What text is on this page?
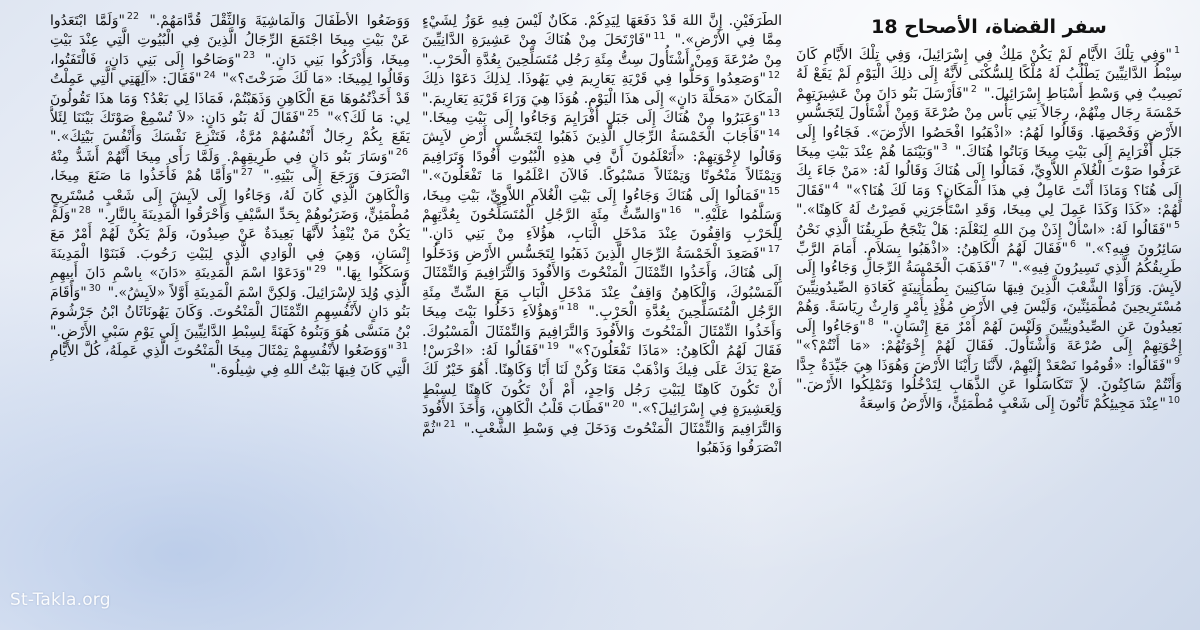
سفر القضاة، الأصحاح 18
$^1$"وَفِي تِلْكَ الأَيَّامِ لَمْ يَكُنْ مَلِكٌ فِي إِسْرَائِيلَ، وَفِي تِلْكَ الأَيَّامِ كَانَ سِبْطُ الدَّانِيِّينَ يَطْلُبُ لَهُ مُلْكًا لِلسُّكْنَى لأَنَّهُ إِلَى ذلِكَ الْيَوْمِ لَمْ يَقَعْ لَهُ نَصِيبٌ فِي وَسْطِ أَسْبَاطِ إِسْرَائِيلَ." $^2$"فَأَرْسَلَ بَنُو دَانَ مِنْ عَشِيرَتِهِمْ خَمْسَةَ رِجَال مِنْهُمْ، رِجَالاً بَنِي بَأْس مِنْ صُرْعَةَ وَمِنْ أَشْتَأُولَ لِتَجَسُّسِ الأَرْضِ وَفَحْصِهَا. وَقَالُوا لَهُمُ: «اذْهَبُوا افْحَصُوا الأَرْضَ». فَجَاءُوا إِلَى جَبَلِ أَفْرَايِمَ إِلَى بَيْتِ مِيخَا وَبَاتُوا هُنَاكَ." $^3$"وَبَيْنَمَا هُمْ عِنْدَ بَيْتِ مِيخَا عَرَفُوا صَوْتَ الْغُلاَمِ اللاَّوِيِّ، فَمَالُوا إِلَى هُنَاكَ وَقَالُوا لَهُ: «مَنْ جَاءَ بِكَ إِلَى هُنَا؟ وَمَاذَا أَنْتَ عَامِلٌ فِي هذَا الْمَكَانِ؟ وَمَا لَكَ هُنَا؟»" $^4$"فَقَالَ لَهُمْ: «كَذَا وَكَذَا عَمِلَ لِي مِيخَا، وَقَدِ اسْتَأْجَرَنِي فَصِرْتُ لَهُ كَاهِنًا»." $^5$"فَقَالُوا لَهُ: «اسْأَلْ إِذَنْ مِنَ اللهِ لِنَعْلَمَ: هَلْ يَنْجَحُ طَرِيقُنَا الَّذِي نَحْنُ سَائِرُونَ فِيهِ؟»." $^6$"فَقَالَ لَهُمُ الْكَاهِنُ: «اذْهَبُوا بِسَلاَمٍ. أَمَامَ الرَّبِّ طَرِيقُكُمُ الَّذِي تَسِيرُونَ فِيهِ»." $^7$"فَذَهَبَ الْخَمْسَةُ الرِّجَالِ وَجَاءُوا إِلَى لاَيِشَ. وَرَأَوْا الشَّعْبَ الَّذِينَ فِيهَا سَاكِنِينَ بِطُمَأْنِينَةٍ كَعَادَةِ الصِّيدُونِيِّينَ مُسْتَرِيحِينَ مُطْمَئِنِّينَ، وَلَيْسَ فِي الأَرْضِ مُؤْذٍ بِأَمْرٍ وَارِثٌ رِيَاسَةً. وَهُمْ بَعِيدُونَ عَنِ الصِّيدُونِيِّينَ وَلَيْسَ لَهُمْ أَمْرٌ مَعَ إِنْسَانٍ." $^8$"وَجَاءُوا إِلَى إِخْوَتِهِمْ إِلَى صُرْعَةَ وَأَشْتَأُولَ. فَقَالَ لَهُمْ إِخْوَتُهُمْ: «مَا أَنْتُمْ؟»" $^9$"فَقَالُوا: «قُومُوا نَصْعَدْ إِلَيْهِمْ، لأَنَّنَا رَأَيْنَا الأَرْضَ وَهُوَذَا هِيَ جَيِّدَةٌ جِدًّا وَأَنْتُمْ سَاكِتُونَ. لاَ تَتَكَاسَلُوا عَنِ الذَّهَابِ لِتَدْخُلُوا وَتَمْلِكُوا الأَرْضَ." $^{10}$"عِنْدَ مَجِيئِكُمْ تَأْتُونَ إِلَى شَعْبٍ مُطْمَئِنٍّ، وَالأَرْضُ وَاسِعَةُ
الطَّرَفَيْنِ. إِنَّ اللهَ قَدْ دَفَعَهَا لِيَدِكُمْ. مَكَانٌ لَيْسَ فِيهِ عَوَزُ لِشَيْءٍ مِمَّا فِي الأَرْضِ»." $^{11}$"فَارْتَحَلَ مِنْ هُنَاكَ مِنْ عَشِيرَةِ الدَّانِيِّينَ مِنْ صُرْعَةَ وَمِنْ أَشْتَأُولَ سِتُّ مِئَةِ رَجُل مُتَسَلِّحِينَ بِعُدَّةِ الْحَرْبِ." $^{12}$"وَصَعِدُوا وَحَلُّوا فِي قَرْيَةِ يَعَارِيمَ فِي يَهُوذَا. لِذلِكَ دَعَوْا ذلِكَ الْمَكَانَ «مَحَلَّةَ دَانٍ» إِلَى هذَا الْيَوْمِ. هُوَذَا هِيَ وَرَاءَ قَرْيَةِ يَعَارِيمَ." $^{13}$"وَعَبَرُوا مِنْ هُنَاكَ إِلَى جَبَلِ أَفْرَايِمَ وَجَاءُوا إِلَى بَيْتِ مِيخَا." $^{14}$"فَأَجَابَ الْخَمْسَةُ الرِّجَالِ الَّذِينَ ذَهَبُوا لِتَجَسُّسِ أَرْضِ لاَيِشَ وَقَالُوا لإِخْوَتِهِمْ: «أَتَعْلَمُونَ أَنَّ فِي هذِهِ الْبُيُوتِ أَفُودًا وَتَرَافِيمَ وَتِمْثَالاً مَنْحُوتًا وَتِمْثَالاً مَسْبُوكًا. فَالآنَ اعْلَمُوا مَا تَفْعَلُونَ»." $^{15}$"فَمَالُوا إِلَى هُنَاكَ وَجَاءُوا إِلَى بَيْتِ الْغُلاَمِ اللاَّوِيِّ، بَيْتِ مِيخَا، وَسَلَّمُوا عَلَيْهِ." $^{16}$"وَالسِّتُّ مِئَةِ الرَّجُلِ الْمُتَسَلِّحُونَ بِعُدَّتِهِمْ لِلْحَرْبِ وَاقِفُونَ عِنْدَ مَدْخَلِ الْبَابِ، هؤُلاَءِ مِنْ بَنِي دَانٍ." $^{17}$"فَصَعِدَ الْخَمْسَةُ الرِّجَالِ الَّذِينَ ذَهَبُوا لِتَجَسُّسِ الأَرْضِ وَدَخَلُوا إِلَى هُنَاكَ، وَأَخَذُوا التِّمْثَالَ الْمَنْحُوتَ وَالأَفُودَ وَالتَّرَافِيمَ وَالتِّمْثَالَ الْمَسْبُوكَ، وَالْكَاهِنُ وَاقِفٌ عِنْدَ مَدْخَلِ الْبَابِ مَعَ السِّتِّ مِئَةِ الرَّجُلِ الْمُتَسَلِّحِينَ بِعُدَّةِ الْحَرْبِ." $^{18}$"وَهؤُلاَءِ دَخَلُوا بَيْتَ مِيخَا وَأَخَذُوا التِّمْثَالَ الْمَنْحُوتَ وَالأَفُودَ وَالتَّرَافِيمَ وَالتِّمْثَالَ الْمَسْبُوكَ. فَقَالَ لَهُمُ الْكَاهِنُ: «مَاذَا تَفْعَلُونَ؟»" $^{19}$"فَقَالُوا لَهُ: «اخْرَسْ! ضَعْ يَدَكَ عَلَى فِيكَ وَاذْهَبْ مَعَنَا وَكُنْ لَنَا أَبًا وَكَاهِنًا. أَهُوَ خَيْرٌ لَكَ أَنْ تَكُونَ كَاهِنًا لِبَيْتِ رَجُل وَاحِدٍ، أَمْ أَنْ تَكُونَ كَاهِنًا لِسِبْطٍ وَلِعَشِيرَةٍ فِي إِسْرَائِيلَ؟»." $^{20}$"فَطَابَ قَلْبُ الْكَاهِنِ، وَأَخَذَ الأَفُودَ وَالتَّرَافِيمَ وَالتِّمْثَالَ الْمَنْحُوتَ وَدَخَلَ فِي وَسْطِ الشَّعْبِ." $^{21}$"ثُمَّ انْصَرَفُوا وَذَهَبُوا
وَوَضَعُوا الأَطْفَالَ وَالْمَاشِيَةَ وَالثِّقْلَ قُدَّامَهُمْ." $^{22}$"وَلَمَّا ابْتَعَدُوا عَنْ بَيْتِ مِيخَا اجْتَمَعَ الرِّجَالُ الَّذِينَ فِي الْبُيُوتِ الَّتِي عِنْدَ بَيْتِ مِيخَا، وَأَدْرَكُوا بَنِي دَانٍ." $^{23}$"وَصَاحُوا إِلَى بَنِي دَانٍ، فَالْتَفَتُوا، وَقَالُوا لِمِيخَا: «مَا لَكَ صَرَخْتَ؟»" $^{24}$"فَقَالَ: «آلِهَتِي الَّتِي عَمِلْتُ قَدْ أَخَذْتُمُوهَا مَعَ الْكَاهِنِ وَذَهَبْتُمْ، فَمَاذَا لِي بَعْدُ؟ وَمَا هذَا تَقُولُونَ لِي: مَا لَكَ؟»" $^{25}$"فَقَالَ لَهُ بَنُو دَانٍ: «لاَ تُسْمِعْ صَوْتَكَ بَيْنَنَا لِئَلاَّ يَقَعَ بِكُمْ رِجَالٌ أَنْفُسُهُمْ مُرَّةٌ، فَتَنْزِعَ نَفْسَكَ وَأَنْفُسَ بَيْتِكَ»." $^{26}$"وَسَارَ بَنُو دَانٍ فِي طَرِيقِهِمْ. وَلَمَّا رَأَى مِيخَا أَنَّهُمْ أَشَدُّ مِنْهُ انْصَرَفَ وَرَجَعَ إِلَى بَيْتِهِ." $^{27}$"وَأَمَّا هُمْ فَأَخَذُوا مَا صَنَعَ مِيخَا، وَالْكَاهِنَ الَّذِي كَانَ لَهُ، وَجَاءُوا إِلَى لاَيِشَ إِلَى شَعْبٍ مُسْتَرِيحٍ مُطْمَئِنٍّ، وَضَرَبُوهُمْ بِحَدِّ السَّيْفِ وَأَحْرَقُوا الْمَدِينَةَ بِالنَّارِ." $^{28}$"وَلَمْ يَكُنْ مَنْ يُنْقِذُ لأَنَّهَا بَعِيدَةٌ عَنْ صِيدُونَ، وَلَمْ يَكُنْ لَهُمْ أَمْرٌ مَعَ إِنْسَانٍ، وَهِيَ فِي الْوَادِي الَّذِي لِبَيْتِ رَحُوبَ. فَبَنَوْا الْمَدِينَةَ وَسَكَنُوا بِهَا." $^{29}$"وَدَعَوْا اسْمَ الْمَدِينَةِ «دَانَ» بِاسْمِ دَانَ أَبِيهِمِ الَّذِي وُلِدَ لإِسْرَائِيلَ. وَلكِنَّ اسْمَ الْمَدِينَةِ أَوَّلاً «لاَيِشُ»." $^{30}$"وَأَقَامَ بَنُو دَانٍ لأَنْفُسِهِمِ التِّمْثَالَ الْمَنْحُوتَ. وَكَانَ يَهُونَاثَانُ ابْنُ جَرْشُومَ بْنُ مَنَسَّى هُوَ وَبَنُوهُ كَهَنَةً لِسِبْطِ الدَّانِيِّينَ إِلَى يَوْمِ سَبْيِ الأَرْضِ." $^{31}$"وَوَضَعُوا لأَنْفُسِهِمْ تِمْثَالَ مِيخَا الْمَنْحُوتَ الَّذِي عَمِلَهُ، كُلَّ الأَيَّامِ الَّتِي كَانَ فِيهَا بَيْتُ اللهِ فِي شِيلُوهَ."
St-Takla.org
